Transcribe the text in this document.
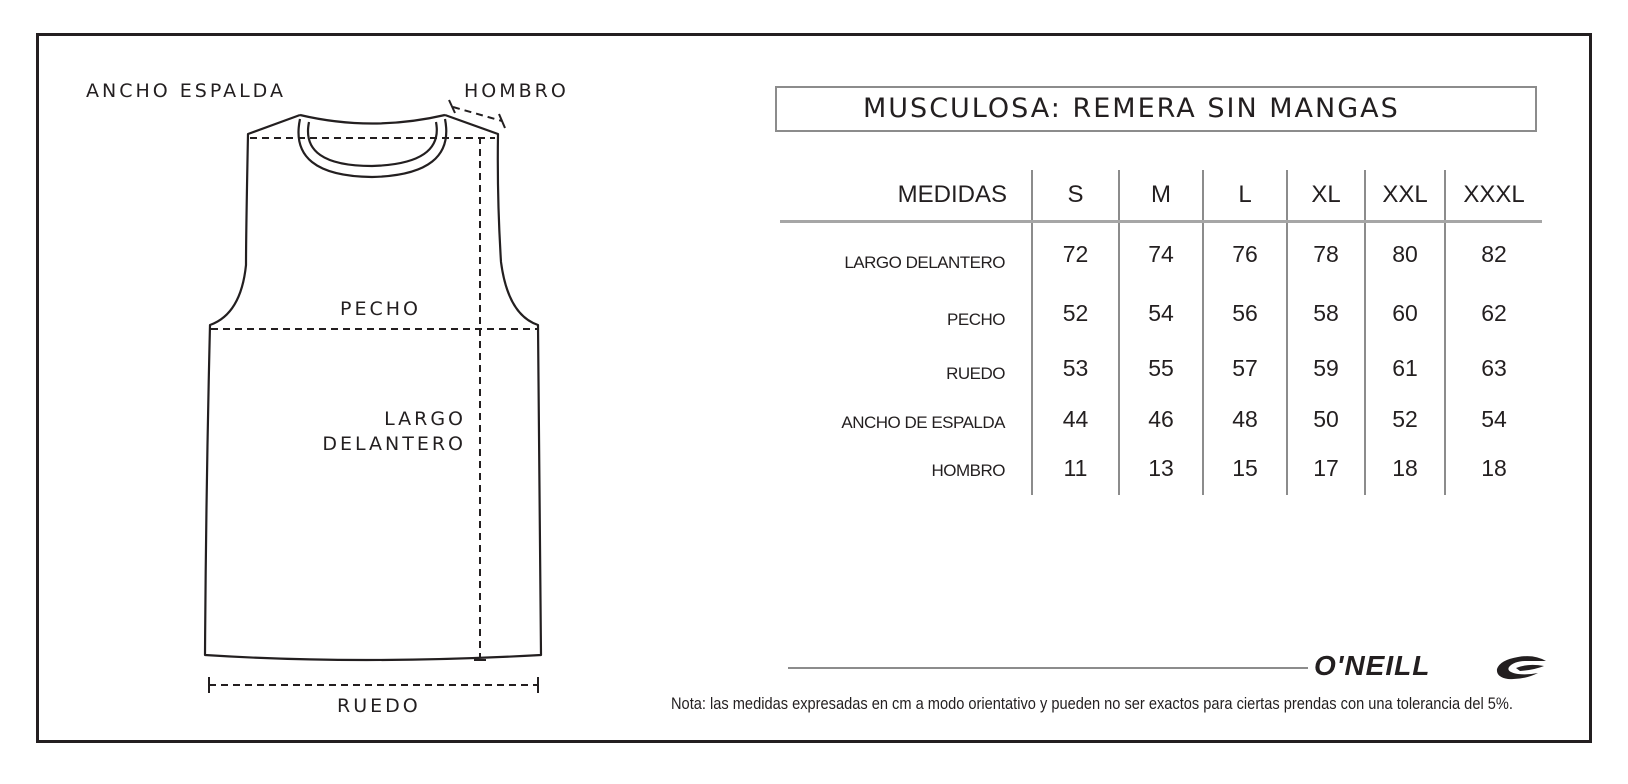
ANCHO ESPALDA	HOMBRO
PECHO
LARGO
DELANTERO
RUEDO
MUSCULOSA: REMERA SIN MANGAS
MEDIDAS	S	M	L	XL	XXL	XXXL
LARGO DELANTERO	72	74	76	78	80	82
PECHO	52	54	56	58	60	62
RUEDO	53	55	57	59	61	63
ANCHO DE ESPALDA	44	46	48	50	52	54
HOMBRO	11	13	15	17	18	18
O'NEILL
Nota: las medidas expresadas en cm a modo orientativo y pueden no ser exactos para ciertas prendas con una tolerancia del 5%.
